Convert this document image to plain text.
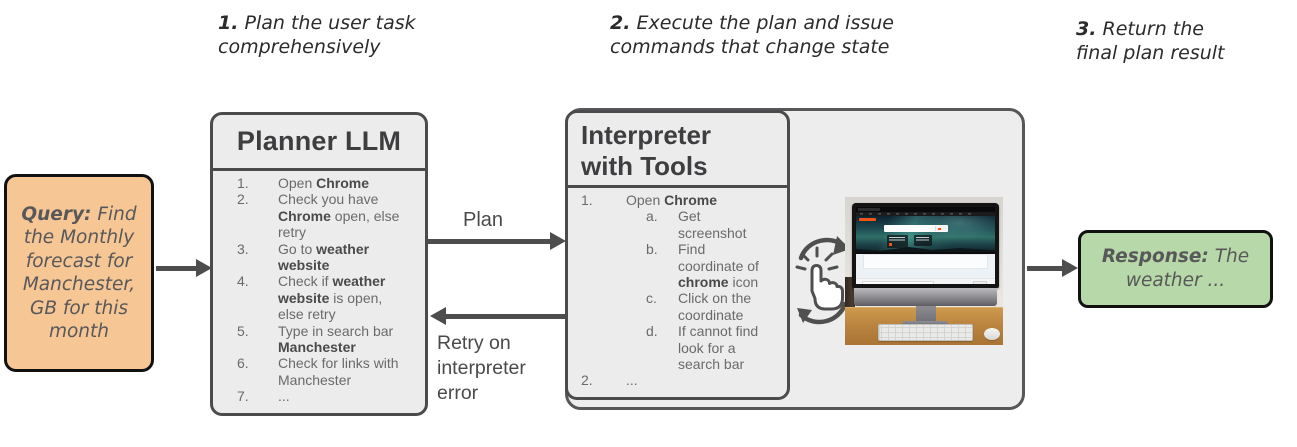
1. Plan the user task
comprehensively
2. Execute the plan and issue
commands that change state
3. Return the
final plan result

Query: Find the Monthly forecast for Manchester, GB for this month

Planner LLM
1.	Open Chrome
2.	Check you have Chrome open, else retry
3.	Go to weather website
4.	Check if weather website is open, else retry
5.	Type in search bar Manchester
6.	Check for links with Manchester
7.	...
Plan
Retry on interpreter error
Interpreter
with Tools
1.	Open Chrome
a.	Get screenshot
b.	Find coordinate of chrome icon
c.	Click on the coordinate
d.	If cannot find look for a search bar
2.	...

Response: The weather ...
